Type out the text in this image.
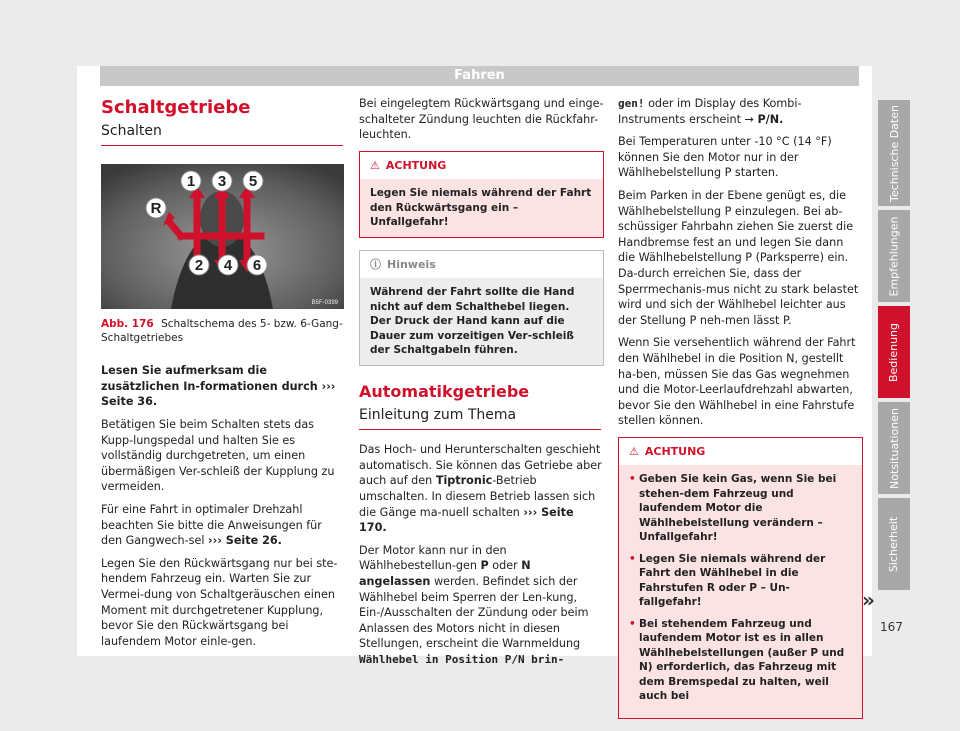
Fahren
Schaltgetriebe
Schalten
1 3 5
R
2 4 6
B5F-0399
Abb. 176 Schaltschema des 5- bzw. 6-Gang-Schaltgetriebes

Lesen Sie aufmerksam die zusätzlichen In-formationen durch ››› Seite 36.

Betätigen Sie beim Schalten stets das Kupp-lungspedal und halten Sie es vollständig durchgetreten, um einen übermäßigen Ver-schleiß der Kupplung zu vermeiden.

Für eine Fahrt in optimaler Drehzahl beachten Sie bitte die Anweisungen für den Gangwech-sel ››› Seite 26.

Legen Sie den Rückwärtsgang nur bei ste-hendem Fahrzeug ein. Warten Sie zur Vermei-dung von Schaltgeräuschen einen Moment mit durchgetretener Kupplung, bevor Sie den Rückwärtsgang bei laufendem Motor einle-gen.

Bei eingelegtem Rückwärtsgang und einge-schalteter Zündung leuchten die Rückfahr-leuchten.

⚠ ACHTUNG
Legen Sie niemals während der Fahrt den Rückwärtsgang ein – Unfallgefahr!
ⓘ Hinweis
Während der Fahrt sollte die Hand nicht auf dem Schalthebel liegen. Der Druck der Hand kann auf die Dauer zum vorzeitigen Ver-schleiß der Schaltgabeln führen.
Automatikgetriebe
Einleitung zum Thema

Das Hoch- und Herunterschalten geschieht automatisch. Sie können das Getriebe aber auch auf den Tiptronic-Betrieb umschalten. In diesem Betrieb lassen sich die Gänge ma-nuell schalten ››› Seite 170.

Der Motor kann nur in den Wählhebestellun-gen P oder N angelassen werden. Befindet sich der Wählhebel beim Sperren der Len-kung, Ein-/Ausschalten der Zündung oder beim Anlassen des Motors nicht in diesen Stellungen, erscheint die Warnmeldung Wählhebel in Position P/N brin-

gen! oder im Display des Kombi-Instruments erscheint → P/N.

Bei Temperaturen unter -10 °C (14 °F) können Sie den Motor nur in der Wählhebelstellung P starten.

Beim Parken in der Ebene genügt es, die Wählhebelstellung P einzulegen. Bei ab-schüssiger Fahrbahn ziehen Sie zuerst die Handbremse fest an und legen Sie dann die Wählhebelstellung P (Parksperre) ein. Da-durch erreichen Sie, dass der Sperrmechanis-mus nicht zu stark belastet wird und sich der Wählhebel leichter aus der Stellung P neh-men lässt P.

Wenn Sie versehentlich während der Fahrt den Wählhebel in die Position N, gestellt ha-ben, müssen Sie das Gas wegnehmen und die Motor-Leerlaufdrehzahl abwarten, bevor Sie den Wählhebel in eine Fahrstufe stellen können.

⚠ ACHTUNG
• Geben Sie kein Gas, wenn Sie bei stehen-dem Fahrzeug und laufendem Motor die Wählhebelstellung verändern – Unfallgefahr!
• Legen Sie niemals während der Fahrt den Wählhebel in die Fahrstufen R oder P – Un-fallgefahr!
• Bei stehendem Fahrzeug und laufendem Motor ist es in allen Wählhebelstellungen (außer P und N) erforderlich, das Fahrzeug mit dem Bremspedal zu halten, weil auch bei
»
Technische Daten
Empfehlungen
Bedienung
Notsituationen
Sicherheit
167
